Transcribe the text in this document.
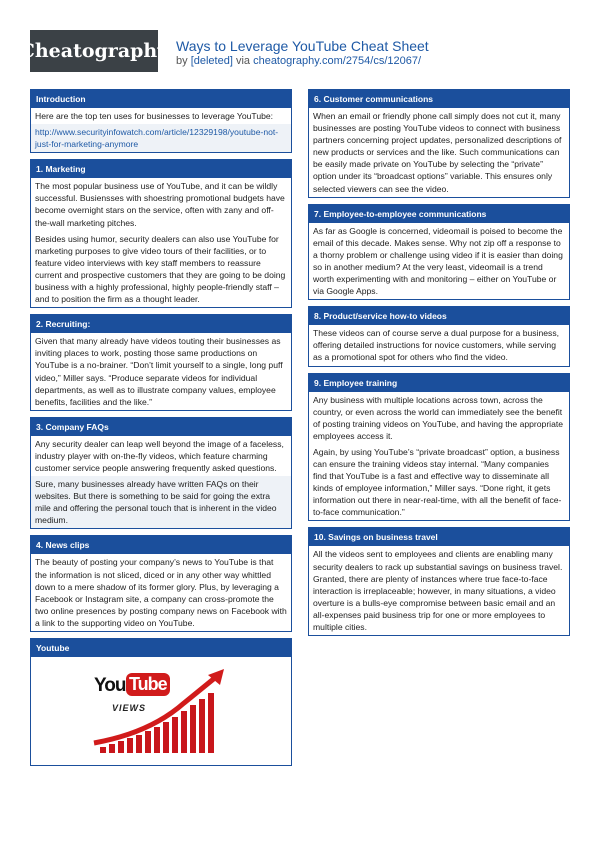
Cheatography Ways to Leverage YouTube Cheat Sheet
by [deleted] via cheatography.com/2754/cs/12067/
Introduction
Here are the top ten uses for businesses to leverage YouTube:
http://www.securityinfowatch.com/article/12329198/youtube-not-just-for-marketing-anymore
1. Marketing
The most popular business use of YouTube, and it can be wildly successful. Busiensses with shoestring promotional budgets have become overnight stars on the service, often with zany and off-the-wall marketing pitches.
Besides using humor, security dealers can also use YouTube for marketing purposes to give video tours of their facilities, or to feature video interviews with key staff members to reassure current and prospective customers that they are going to be doing business with a highly professional, highly people-friendly staff – and to position the firm as a thought leader.
2. Recruiting:
Given that many already have videos touting their businesses as inviting places to work, posting those same productions on YouTube is a no-brainer. “Don’t limit yourself to a single, long puff video,” Miller says. “Produce separate videos for individual departments, as well as to illustrate company values, employee benefits, facilities and the like.”
3. Company FAQs
Any security dealer can leap well beyond the image of a faceless, industry player with on-the-fly videos, which feature charming customer service people answering frequently asked questions.
Sure, many businesses already have written FAQs on their websites. But there is something to be said for going the extra mile and offering the personal touch that is inherent in the video medium.
4. News clips
The beauty of posting your company’s news to YouTube is that the information is not sliced, diced or in any other way whittled down to a mere shadow of its former glory. Plus, by leveraging a Facebook or Instagram site, a company can cross-promote the two online presences by posting company news on Facebook with a link to the supporting video on YouTube.
Youtube
You Tube
VIEWS
6. Customer communications
When an email or friendly phone call simply does not cut it, many businesses are posting YouTube videos to connect with business partners concerning project updates, personalized descriptions of new products or services and the like. Such communications can be easily made private on YouTube by selecting the “private” option under its “broadcast options” variable. This ensures only selected viewers can see the video.
7. Employee-to-employee communications
As far as Google is concerned, videomail is poised to become the email of this decade. Makes sense. Why not zip off a response to a thorny problem or challenge using video if it is easier than doing so in another medium? At the very least, videomail is a trend worth experimenting with and monitoring – either on YouTube or via Google Apps.
8. Product/service how-to videos
These videos can of course serve a dual purpose for a business, offering detailed instructions for novice customers, while serving as a promotional spot for others who find the video.
9. Employee training
Any business with multiple locations across town, across the country, or even across the world can immediately see the benefit of posting training videos on YouTube, and having the appropriate employees access it.
Again, by using YouTube’s “private broadcast” option, a business can ensure the training videos stay internal. “Many companies find that YouTube is a fast and effective way to disseminate all kinds of employee information,” Miller says. “Done right, it gets information out there in near-real-time, with all the benefit of face-to-face communication.”
10. Savings on business travel
All the videos sent to employees and clients are enabling many security dealers to rack up substantial savings on business travel. Granted, there are plenty of instances where true face-to-face interaction is irreplaceable; however, in many situations, a video overture is a bulls-eye compromise between basic email and an all-expenses paid business trip for one or more employees to multiple cities.
